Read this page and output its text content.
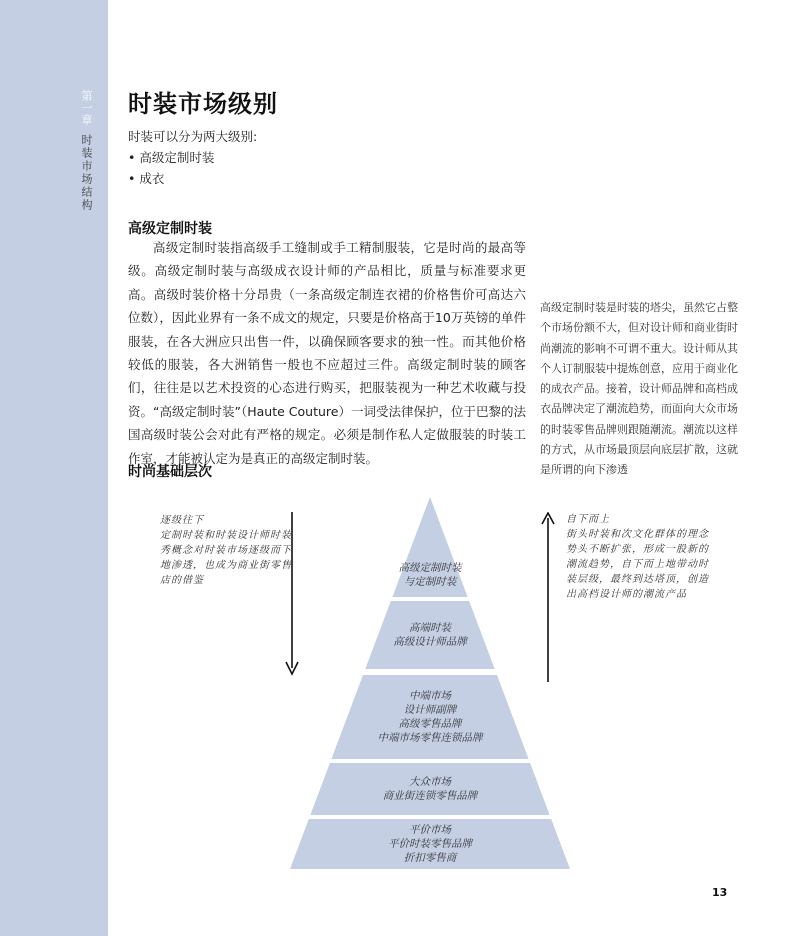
第一章
时装市场结构
时装市场级别

时装可以分为两大级别:

• 高级定制时装
• 成衣
高级定制时装

高级定制时装指高级手工缝制或手工精制服装，它是时尚的最高等级。高级定制时装与高级成衣设计师的产品相比，质量与标准要求更高。高级时装价格十分昂贵（一条高级定制连衣裙的价格售价可高达六位数），因此业界有一条不成文的规定，只要是价格高于10万英镑的单件服装，在各大洲应只出售一件，以确保顾客要求的独一性。而其他价格较低的服装，各大洲销售一般也不应超过三件。高级定制时装的顾客们，往往是以艺术投资的心态进行购买，把服装视为一种艺术收藏与投资。“高级定制时装”（Haute Couture）一词受法律保护，位于巴黎的法国高级时装公会对此有严格的规定。必须是制作私人定做服装的时装工作室，才能被认定为是真正的高级定制时装。

高级定制时装是时装的塔尖，虽然它占整个市场份额不大，但对设计师和商业街时尚潮流的影响不可谓不重大。设计师从其个人订制服装中提炼创意，应用于商业化的成衣产品。接着，设计师品牌和高档成衣品牌决定了潮流趋势，而面向大众市场的时装零售品牌则跟随潮流。潮流以这样的方式，从市场最顶层向底层扩散，这就是所谓的向下渗透

时尚基础层次
逐级往下
定制时装和时装设计师时装秀概念对时装市场逐级而下地渗透，也成为商业街零售店的借鉴
自下而上
街头时装和次文化群体的理念势头不断扩张，形成一股新的潮流趋势，自下而上地带动时装层级，最终到达塔顶，创造出高档设计师的潮流产品
高级定制时装
与定制时装
高端时装
高级设计师品牌
中端市场
设计师副牌
高级零售品牌
中端市场零售连锁品牌
大众市场
商业街连锁零售品牌
平价市场
平价时装零售品牌
折扣零售商
13
